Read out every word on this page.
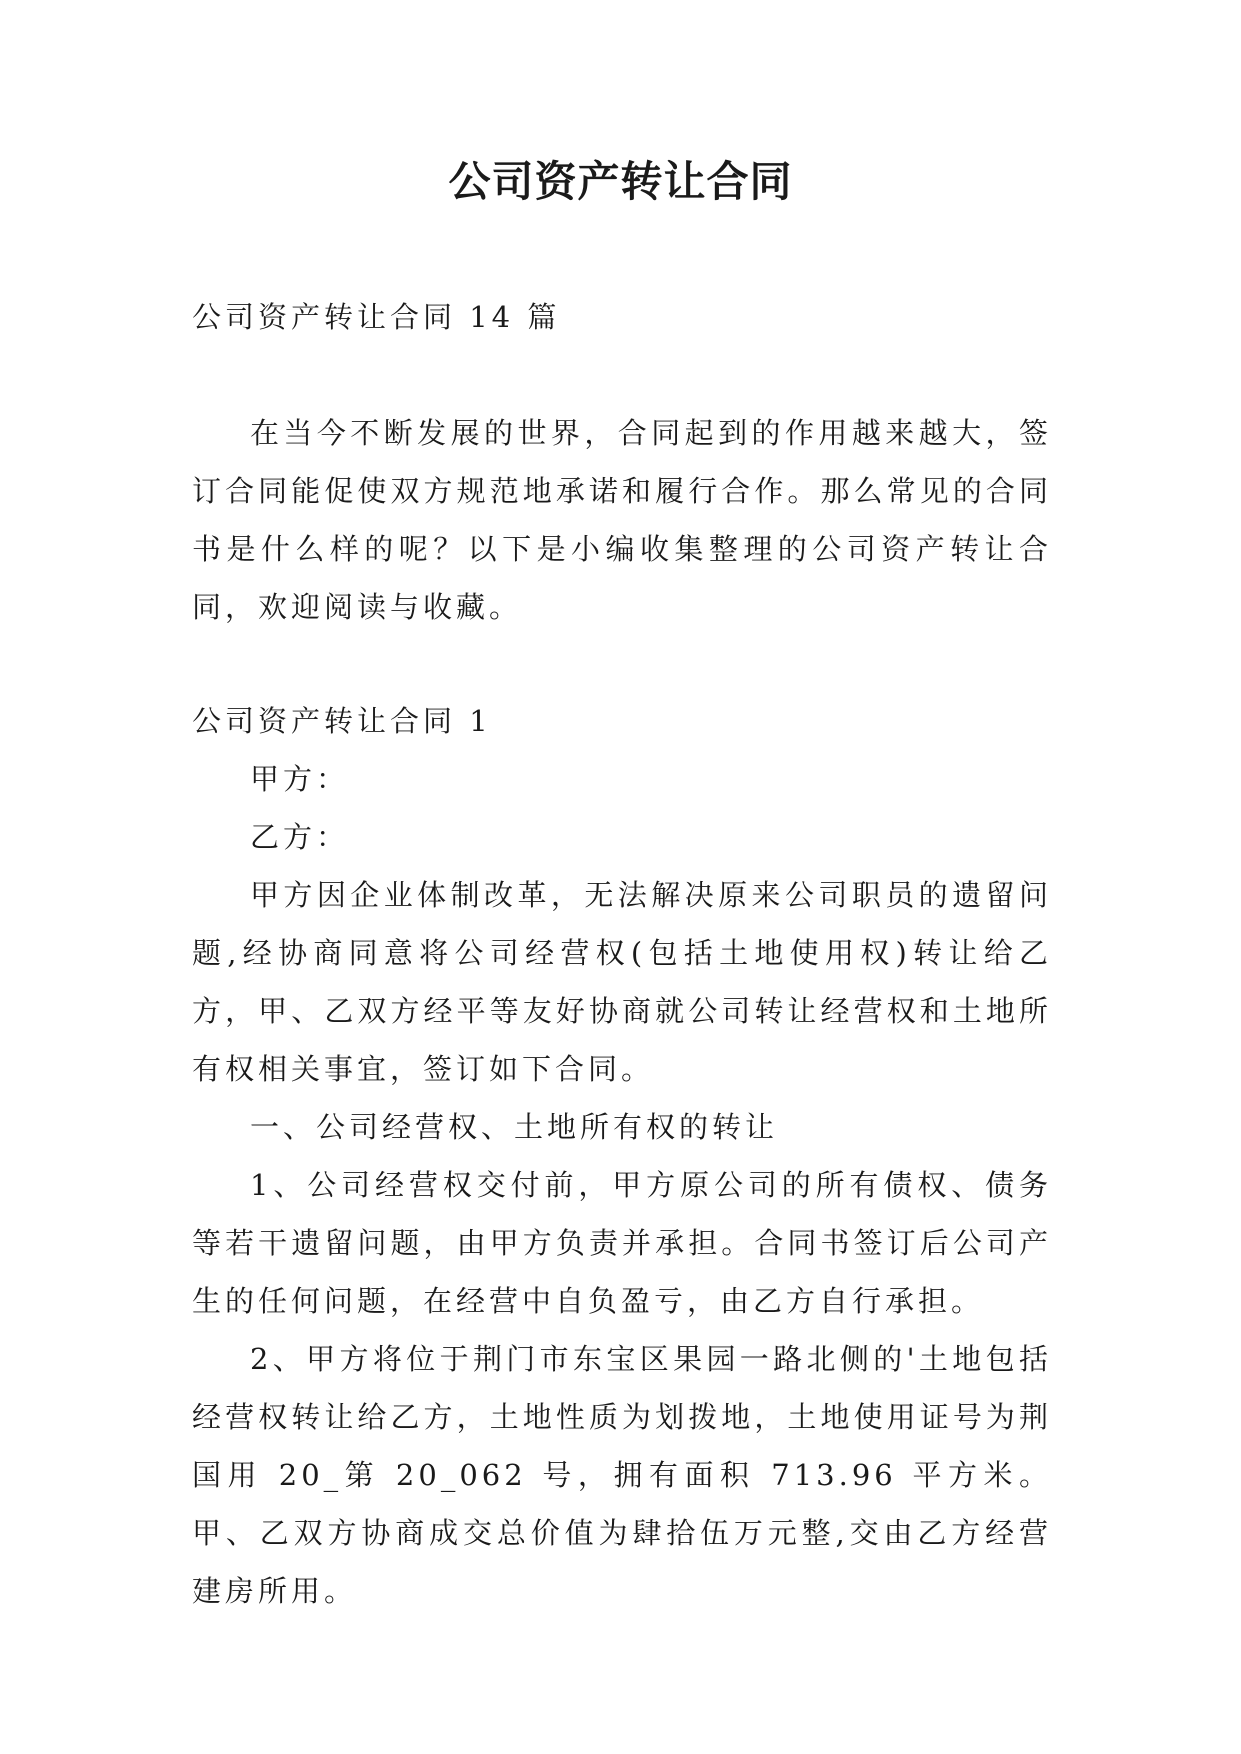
公司资产转让合同

公司资产转让合同 14 篇

在当今不断发展的世界，合同起到的作用越来越大，签订合同能促使双方规范地承诺和履行合作。那么常见的合同书是什么样的呢？以下是小编收集整理的公司资产转让合同，欢迎阅读与收藏。

公司资产转让合同 1

甲方：

乙方：

甲方因企业体制改革，无法解决原来公司职员的遗留问题,经协商同意将公司经营权(包括土地使用权)转让给乙方，甲、乙双方经平等友好协商就公司转让经营权和土地所有权相关事宜，签订如下合同。

一、公司经营权、土地所有权的转让

1、公司经营权交付前，甲方原公司的所有债权、债务等若干遗留问题，由甲方负责并承担。合同书签订后公司产生的任何问题，在经营中自负盈亏，由乙方自行承担。

2、甲方将位于荆门市东宝区果园一路北侧的'土地包括经营权转让给乙方，土地性质为划拨地，土地使用证号为荆国用 20_第 20_062 号，拥有面积 713.96 平方米。甲、乙双方协商成交总价值为肆拾伍万元整,交由乙方经营建房所用。
